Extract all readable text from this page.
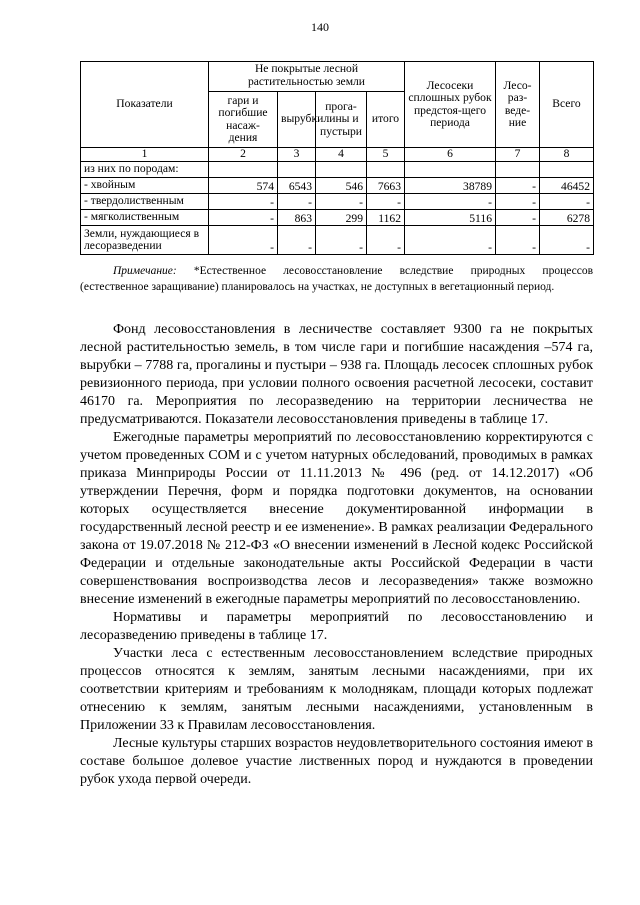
140
Показатели	Не покрытые лесной растительностью земли				Лесосеки сплошных рубок предстоя-щего периода	Лесо-раз-веде-ние	Всего
	гари и погибшие насаж-дения	вырубки	прога-лины и пустыри	итого			
1	2	3	4	5	6	7	8
из них по породам:							
- хвойным	574	6543	546	7663	38789	-	46452
- твердолиственным	-	-	-	-	-	-	-
- мягколиственным	-	863	299	1162	5116	-	6278
Земли, нуждающиеся в лесоразведении	-	-	-	-	-	-	-
Примечание: *Естественное лесовосстановление вследствие природных процессов (естественное заращивание) планировалось на участках, не доступных в вегетационный период.

Фонд лесовосстановления в лесничестве составляет 9300 га не покрытых лесной растительностью земель, в том числе гари и погибшие насаждения –574 га, вырубки – 7788 га, прогалины и пустыри – 938 га. Площадь лесосек сплошных рубок ревизионного периода, при условии полного освоения расчетной лесосеки, составит 46170 га. Мероприятия по лесоразведению на территории лесничества не предусматриваются. Показатели лесовосстановления приведены в таблице 17.

Ежегодные параметры мероприятий по лесовосстановлению корректируются с учетом проведенных СОМ и с учетом натурных обследований, проводимых в рамках приказа Минприроды России от 11.11.2013 № 496 (ред. от 14.12.2017) «Об утверждении Перечня, форм и порядка подготовки документов, на основании которых осуществляется внесение документированной информации в государственный лесной реестр и ее изменение». В рамках реализации Федерального закона от 19.07.2018 № 212-ФЗ «О внесении изменений в Лесной кодекс Российской Федерации и отдельные законодательные акты Российской Федерации в части совершенствования воспроизводства лесов и лесоразведения» также возможно внесение изменений в ежегодные параметры мероприятий по лесовосстановлению.

Нормативы и параметры мероприятий по лесовосстановлению и лесоразведению приведены в таблице 17.

Участки леса с естественным лесовосстановлением вследствие природных процессов относятся к землям, занятым лесными насаждениями, при их соответствии критериям и требованиям к молоднякам, площади которых подлежат отнесению к землям, занятым лесными насаждениями, установленным в Приложении 33 к Правилам лесовосстановления.

Лесные культуры старших возрастов неудовлетворительного состояния имеют в составе большое долевое участие лиственных пород и нуждаются в проведении рубок ухода первой очереди.
